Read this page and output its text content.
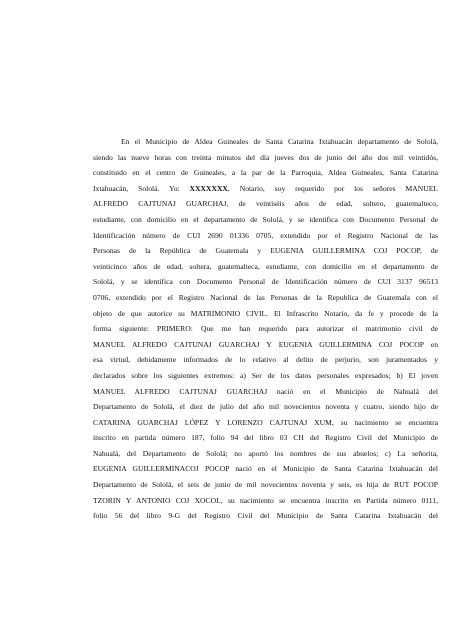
En el Municipio de Aldea Guineales de Santa Catarina Ixtahuacán departamento de Sololá,
siendo las nueve horas con treinta minutos del día jueves dos de junio del año dos mil veintidós,
constituido en el centro de Guineales, a la par de la Parroquia, Aldea Guineales, Santa Catarina
Ixtahuacán, Sololá. Yo: XXXXXXX, Notario, soy requerido por los señores MANUEL
ALFREDO CAJTUNAJ GUARCHAJ, de veintiséis años de edad, soltero, guatemalteco,
estudiante, con domicilio en el departamento de Sololá, y se identifica con Documento Personal de
Identificación número de CUI 2690 01336 0705, extendido por el Registro Nacional de las
Personas de la República de Guatemala y EUGENIA GUILLERMINA COJ POCOP, de
veinticinco años de edad, soltera, guatemalteca, estudiante, con domicilio en el departamento de
Sololá, y se identifica con Documento Personal de Identificación número de CUI 3137 96513
0706, extendido por el Registro Nacional de las Personas de la Republica de Guatemala con el
objeto de que autorice su MATRIMONIO CIVIL. El Infrascrito Notario, da fe y procede de la
forma siguiente: PRIMERO: Que me han requerido para autorizar el matrimonio civil de
MANUEL ALFREDO CAJTUNAJ GUARCHAJ Y EUGENIA GUILLERMINA COJ POCOP en
esa virtud, debidamente informados de lo relativo al delito de perjurio, son juramentados y
declarados sobre los siguientes extremos: a) Ser de los datos personales expresados; b) El joven
MANUEL ALFREDO CAJTUNAJ GUARCHAJ nació en el Municipio de Nahualá del
Departamento de Sololá, el diez de julio del año mil novecientos noventa y cuatro, siendo hijo de
CATARINA GUARCHAJ LÓPEZ Y LORENZO CAJTUNAJ XUM, su nacimiento se encuentra
inscrito en partida número 187, folio 94 del libro 03 CH del Registro Civil del Municipio de
Nahualá, del Departamento de Sololá; no aportó los nombres de sus abuelos; c) La señorita,
EUGENIA GUILLERMINACOJ POCOP nació en el Municipio de Santa Catarina Ixtahuacán del
Departamento de Sololá, el seis de junio de mil novecientos noventa y seis, es hija de RUT POCOP
TZORIN Y ANTONIO COJ XOCOL, su nacimiento se encuentra inscrito en Partida número 0111,
folio 56 del libro 9-G del Registro Civil del Municipio de Santa Catarina Ixtahuacán del
